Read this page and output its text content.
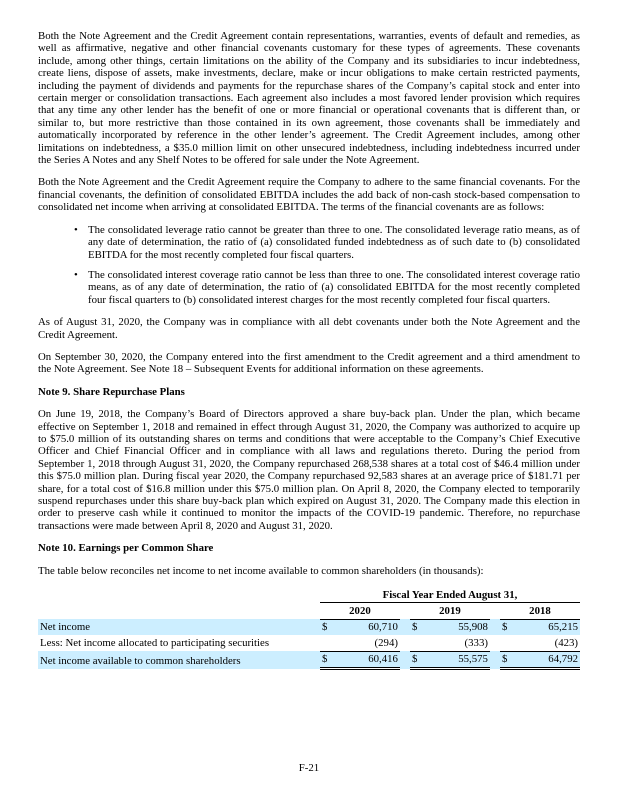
Both the Note Agreement and the Credit Agreement contain representations, warranties, events of default and remedies, as well as affirmative, negative and other financial covenants customary for these types of agreements. These covenants include, among other things, certain limitations on the ability of the Company and its subsidiaries to incur indebtedness, create liens, dispose of assets, make investments, declare, make or incur obligations to make certain restricted payments, including the payment of dividends and payments for the repurchase shares of the Company’s capital stock and enter into certain merger or consolidation transactions. Each agreement also includes a most favored lender provision which requires that any time any other lender has the benefit of one or more financial or operational covenants that is different than, or similar to, but more restrictive than those contained in its own agreement, those covenants shall be immediately and automatically incorporated by reference in the other lender’s agreement. The Credit Agreement includes, among other limitations on indebtedness, a $35.0 million limit on other unsecured indebtedness, including indebtedness incurred under the Series A Notes and any Shelf Notes to be offered for sale under the Note Agreement.

Both the Note Agreement and the Credit Agreement require the Company to adhere to the same financial covenants. For the financial covenants, the definition of consolidated EBITDA includes the add back of non-cash stock-based compensation to consolidated net income when arriving at consolidated EBITDA. The terms of the financial covenants are as follows:

• The consolidated leverage ratio cannot be greater than three to one. The consolidated leverage ratio means, as of any date of determination, the ratio of (a) consolidated funded indebtedness as of such date to (b) consolidated EBITDA for the most recently completed four fiscal quarters.
• The consolidated interest coverage ratio cannot be less than three to one. The consolidated interest coverage ratio means, as of any date of determination, the ratio of (a) consolidated EBITDA for the most recently completed four fiscal quarters to (b) consolidated interest charges for the most recently completed four fiscal quarters.

As of August 31, 2020, the Company was in compliance with all debt covenants under both the Note Agreement and the Credit Agreement.

On September 30, 2020, the Company entered into the first amendment to the Credit agreement and a third amendment to the Note Agreement. See Note 18 – Subsequent Events for additional information on these agreements.

Note 9. Share Repurchase Plans

On June 19, 2018, the Company’s Board of Directors approved a share buy-back plan. Under the plan, which became effective on September 1, 2018 and remained in effect through August 31, 2020, the Company was authorized to acquire up to $75.0 million of its outstanding shares on terms and conditions that were acceptable to the Company’s Chief Executive Officer and Chief Financial Officer and in compliance with all laws and regulations thereto. During the period from September 1, 2018 through August 31, 2020, the Company repurchased 268,538 shares at a total cost of $46.4 million under this $75.0 million plan. During fiscal year 2020, the Company repurchased 92,583 shares at an average price of $181.71 per share, for a total cost of $16.8 million under this $75.0 million plan. On April 8, 2020, the Company elected to temporarily suspend repurchases under this share buy-back plan which expired on August 31, 2020. The Company made this election in order to preserve cash while it continued to monitor the impacts of the COVID-19 pandemic. Therefore, no repurchase transactions were made between April 8, 2020 and August 31, 2020.

Note 10. Earnings per Common Share

The table below reconciles net income to net income available to common shareholders (in thousands):

	Fiscal Year Ended August 31,							
	2020			2019			2018	
Net income	$	60,710		$	55,908		$	65,215
Less: Net income allocated to participating securities		(294)			(333)			(423)
Net income available to common shareholders	$	60,416		$	55,575		$	64,792
F-21
